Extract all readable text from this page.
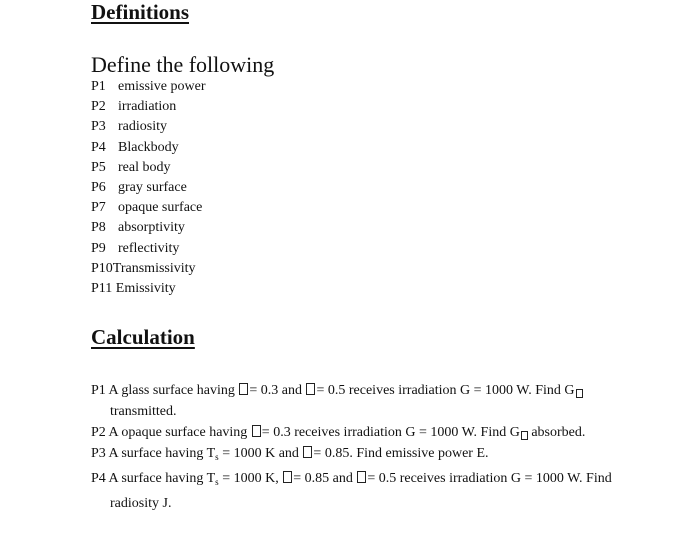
Definitions
Define the following
P1 emissive power
P2 irradiation
P3 radiosity
P4 Blackbody
P5 real body
P6 gray surface
P7 opaque surface
P8 absorptivity
P9 reflectivity
P10Transmissivity
P11 Emissivity
Calculation

P1 A glass surface having = 0.3 and = 0.5 receives irradiation G = 1000 W. Find G
transmitted.

P2 A opaque surface having = 0.3 receives irradiation G = 1000 W. Find G absorbed.

P3 A surface having $T_s = 1000$ K and = 0.85. Find emissive power E.

P4 A surface having $T_s = 1000$ K, = 0.85 and = 0.5 receives irradiation G = 1000 W. Find
radiosity J.
